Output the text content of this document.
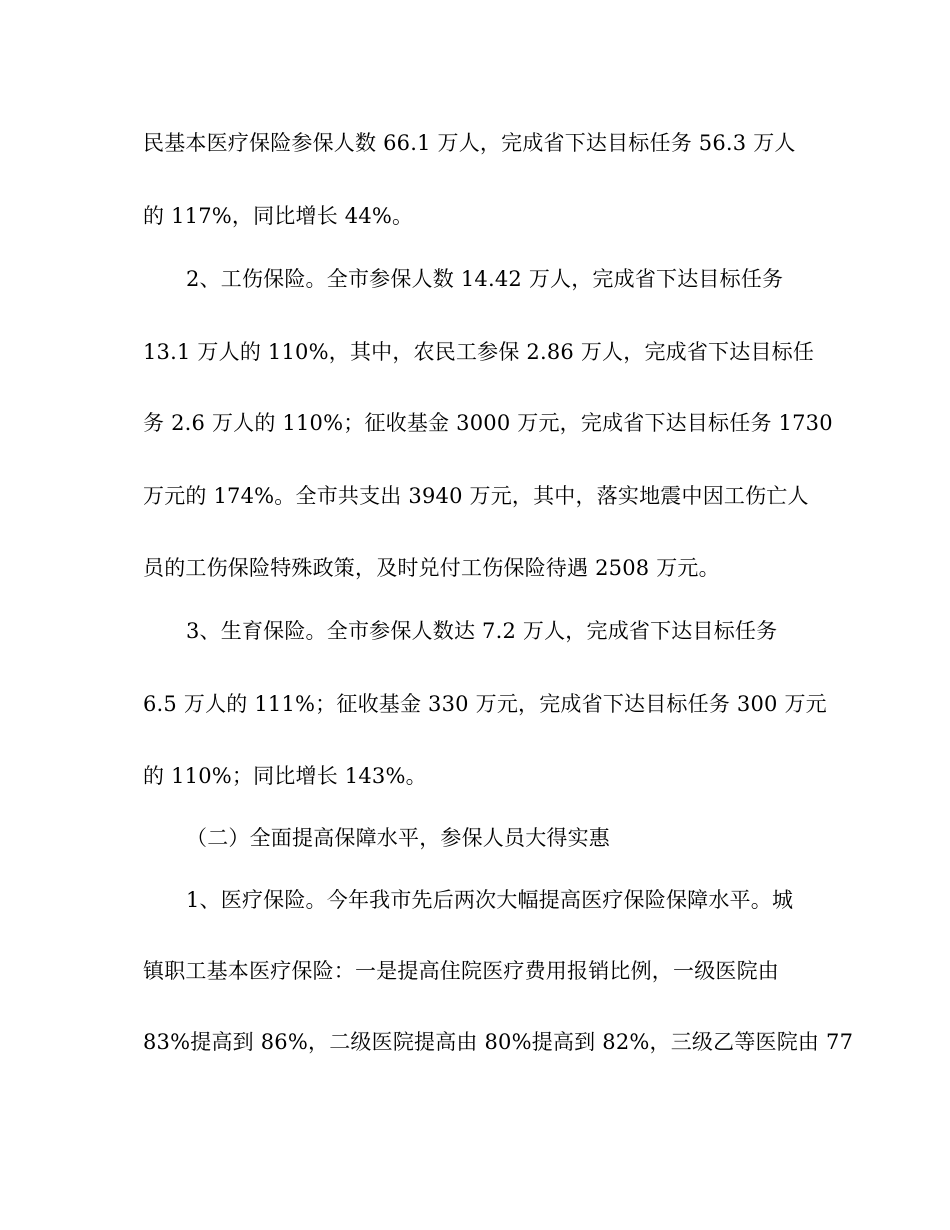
民基本医疗保险参保人数 66.1 万人，完成省下达目标任务 56.3 万人
的 117%，同比增长 44%。
2、工伤保险。全市参保人数 14.42 万人，完成省下达目标任务
13.1 万人的 110%，其中，农民工参保 2.86 万人，完成省下达目标任
务 2.6 万人的 110%；征收基金 3000 万元，完成省下达目标任务 1730
万元的 174%。全市共支出 3940 万元，其中，落实地震中因工伤亡人
员的工伤保险特殊政策，及时兑付工伤保险待遇 2508 万元。
3、生育保险。全市参保人数达 7.2 万人，完成省下达目标任务
6.5 万人的 111%；征收基金 330 万元，完成省下达目标任务 300 万元
的 110%；同比增长 143%。
（二）全面提高保障水平，参保人员大得实惠
1、医疗保险。今年我市先后两次大幅提高医疗保险保障水平。城
镇职工基本医疗保险：一是提高住院医疗费用报销比例，一级医院由
83%提高到 86%，二级医院提高由 80%提高到 82%，三级乙等医院由 77
